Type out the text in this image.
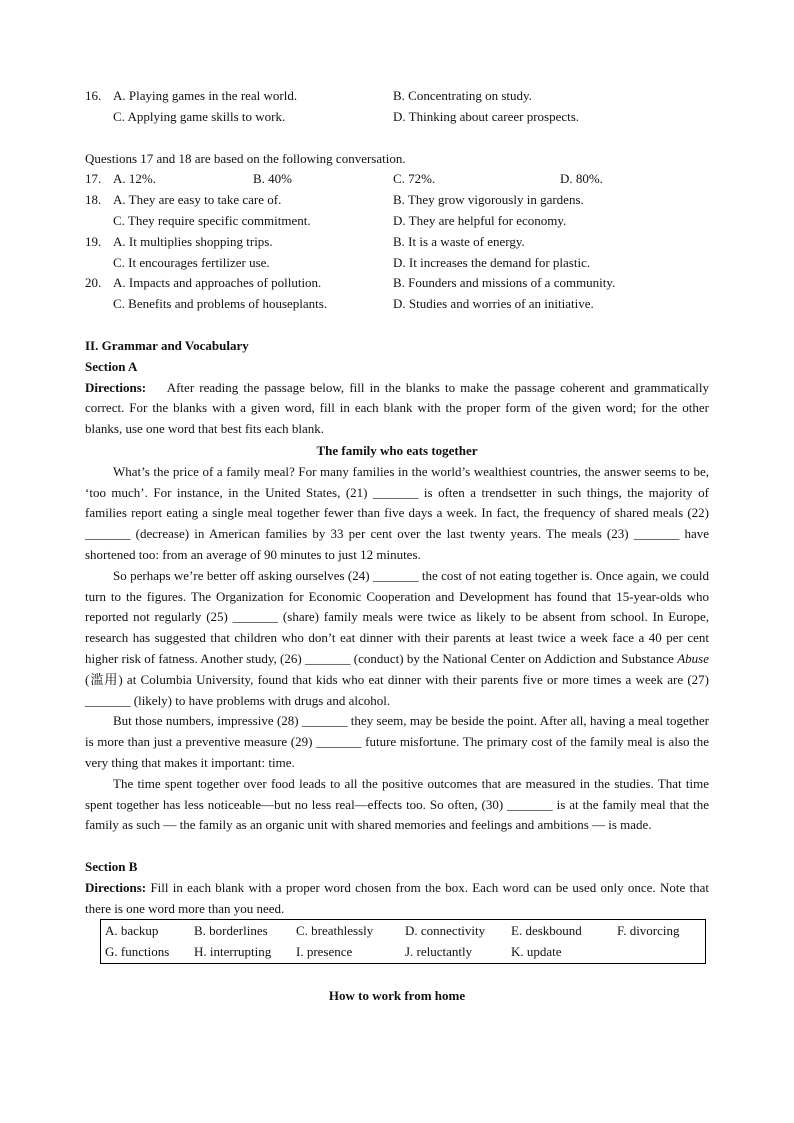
16. A. Playing games in the real world.	B. Concentrating on study.
C. Applying game skills to work.	D. Thinking about career prospects.
Questions 17 and 18 are based on the following conversation.
17. A. 12%.	B. 40%	C. 72%.	D. 80%.
18. A. They are easy to take care of.	B. They grow vigorously in gardens.
C. They require specific commitment.	D. They are helpful for economy.
19. A. It multiplies shopping trips.	B. It is a waste of energy.
C. It encourages fertilizer use.	D. It increases the demand for plastic.
20. A. Impacts and approaches of pollution.	B. Founders and missions of a community.
C. Benefits and problems of houseplants.	D. Studies and worries of an initiative.
II. Grammar and Vocabulary
Section A

Directions: After reading the passage below, fill in the blanks to make the passage coherent and grammatically correct. For the blanks with a given word, fill in each blank with the proper form of the given word; for the other blanks, use one word that best fits each blank.

The family who eats together

What’s the price of a family meal? For many families in the world’s wealthiest countries, the answer seems to be, ‘too much’. For instance, in the United States, (21) _______ is often a trendsetter in such things, the majority of families report eating a single meal together fewer than five days a week. In fact, the frequency of shared meals (22) _______ (decrease) in American families by 33 per cent over the last twenty years. The meals (23) _______ have shortened too: from an average of 90 minutes to just 12 minutes.

So perhaps we’re better off asking ourselves (24) _______ the cost of not eating together is. Once again, we could turn to the figures. The Organization for Economic Cooperation and Development has found that 15-year-olds who reported not regularly (25) _______ (share) family meals were twice as likely to be absent from school. In Europe, research has suggested that children who don’t eat dinner with their parents at least twice a week face a 40 per cent higher risk of fatness. Another study, (26) _______ (conduct) by the National Center on Addiction and Substance Abuse (滥用) at Columbia University, found that kids who eat dinner with their parents five or more times a week are (27) _______ (likely) to have problems with drugs and alcohol.

But those numbers, impressive (28) _______ they seem, may be beside the point. After all, having a meal together is more than just a preventive measure (29) _______ future misfortune. The primary cost of the family meal is also the very thing that makes it important: time.

The time spent together over food leads to all the positive outcomes that are measured in the studies. That time spent together has less noticeable—but no less real—effects too. So often, (30) _______ is at the family meal that the family as such — the family as an organic unit with shared memories and feelings and ambitions — is made.

Section B

Directions: Fill in each blank with a proper word chosen from the box. Each word can be used only once. Note that there is one word more than you need.

A. backup	B. borderlines C. breathlessly D. connectivity E. deskbound	F. divorcing
G. functions H. interrupting I. presence	J. reluctantly	K. update

How to work from home
